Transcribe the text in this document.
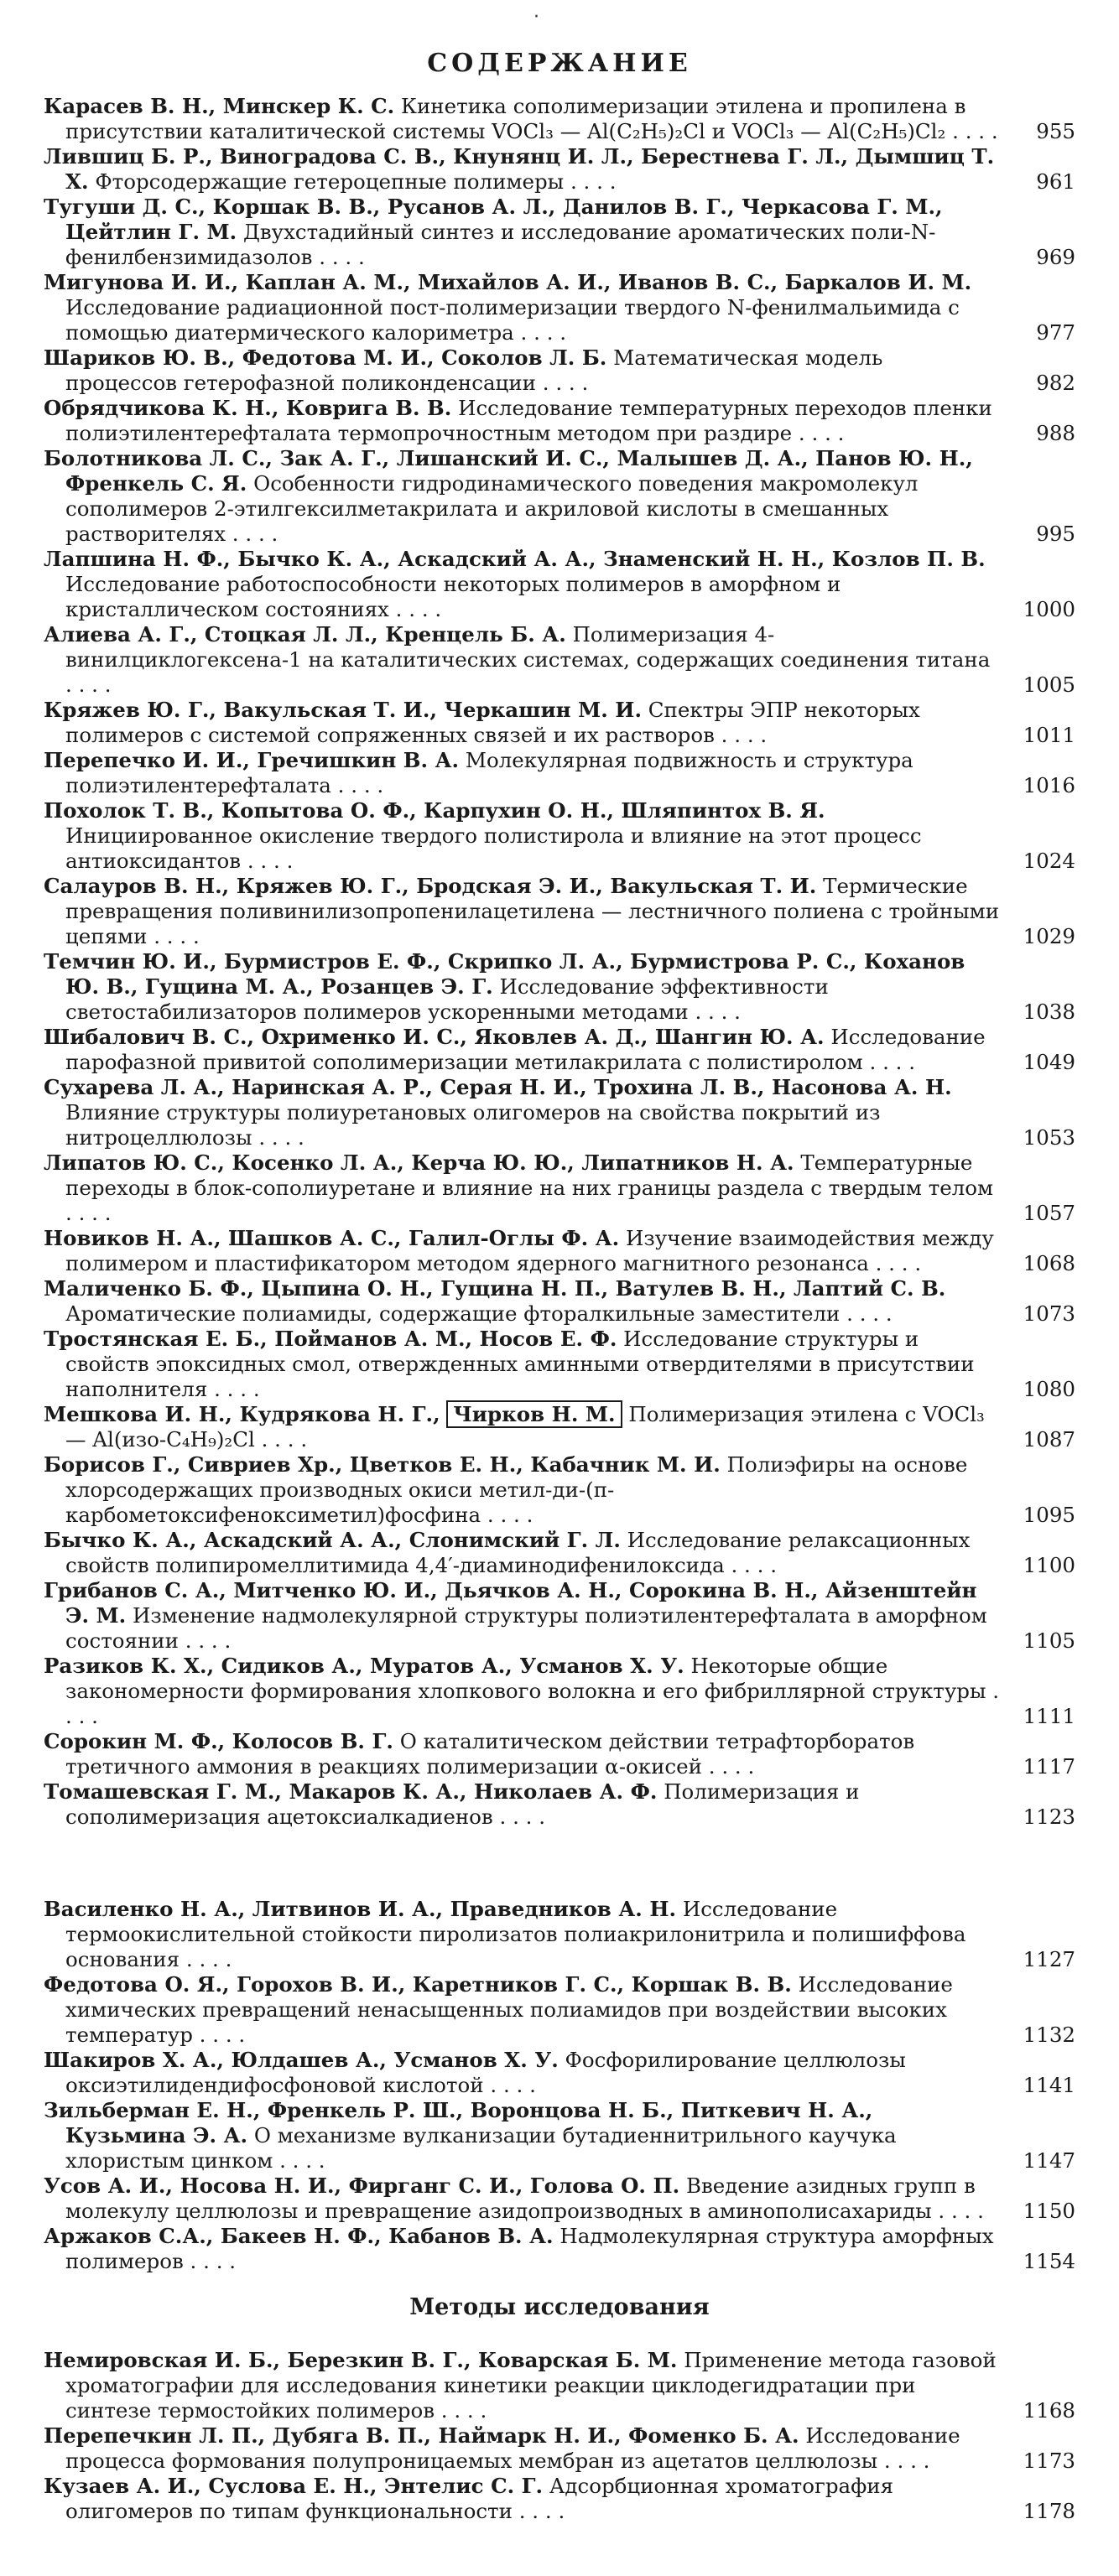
·
СОДЕРЖАНИЕ
Карасев В. Н., Минскер К. С. Кинетика сополимеризации этилена и пропилена в присутствии каталитической системы VOCl₃ — Al(C₂H₅)₂Cl и VOCl₃ — Al(C₂H₅)Cl₂ . . . .	955
Лившиц Б. Р., Виноградова С. В., Кнунянц И. Л., Берестнева Г. Л., Дымшиц Т. Х. Фторсодержащие гетероцепные полимеры . . . .	961
Тугуши Д. С., Коршак В. В., Русанов А. Л., Данилов В. Г., Черкасова Г. М., Цейтлин Г. М. Двухстадийный синтез и исследование ароматических поли-N-фенилбензимидазолов . . . .	969
Мигунова И. И., Каплан А. М., Михайлов А. И., Иванов В. С., Баркалов И. М. Исследование радиационной пост-полимеризации твердого N-фенилмальимида с помощью диатермического калориметра . . . .	977
Шариков Ю. В., Федотова М. И., Соколов Л. Б. Математическая модель процессов гетерофазной поликонденсации . . . .	982
Обрядчикова К. Н., Коврига В. В. Исследование температурных переходов пленки полиэтилентерефталата термопрочностным методом при раздире . . . .	988
Болотникова Л. С., Зак А. Г., Лишанский И. С., Малышев Д. А., Панов Ю. Н., Френкель С. Я. Особенности гидродинамического поведения макромолекул сополимеров 2-этилгексилметакрилата и акриловой кислоты в смешанных растворителях . . . .	995
Лапшина Н. Ф., Бычко К. А., Аскадский А. А., Знаменский Н. Н., Козлов П. В. Исследование работоспособности некоторых полимеров в аморфном и кристаллическом состояниях . . . .	1000
Алиева А. Г., Стоцкая Л. Л., Кренцель Б. А. Полимеризация 4-винилциклогексена-1 на каталитических системах, содержащих соединения титана . . . .	1005
Кряжев Ю. Г., Вакульская Т. И., Черкашин М. И. Спектры ЭПР некоторых полимеров с системой сопряженных связей и их растворов . . . .	1011
Перепечко И. И., Гречишкин В. А. Молекулярная подвижность и структура полиэтилентерефталата . . . .	1016
Похолок Т. В., Копытова О. Ф., Карпухин О. Н., Шляпинтох В. Я. Инициированное окисление твердого полистирола и влияние на этот процесс антиоксидантов . . . .	1024
Салауров В. Н., Кряжев Ю. Г., Бродская Э. И., Вакульская Т. И. Термические превращения поливинилизопропенилацетилена — лестничного полиена с тройными цепями . . . .	1029
Темчин Ю. И., Бурмистров Е. Ф., Скрипко Л. А., Бурмистрова Р. С., Коханов Ю. В., Гущина М. А., Розанцев Э. Г. Исследование эффективности светостабилизаторов полимеров ускоренными методами . . . .	1038
Шибалович В. С., Охрименко И. С., Яковлев А. Д., Шангин Ю. А. Исследование парофазной привитой сополимеризации метилакрилата с полистиролом . . . .	1049
Сухарева Л. А., Наринская А. Р., Серая Н. И., Трохина Л. В., Насонова А. Н. Влияние структуры полиуретановых олигомеров на свойства покрытий из нитроцеллюлозы . . . .	1053
Липатов Ю. С., Косенко Л. А., Керча Ю. Ю., Липатников Н. А. Температурные переходы в блок-сополиуретане и влияние на них границы раздела с твердым телом . . . .	1057
Новиков Н. А., Шашков А. С., Галил-Оглы Ф. А. Изучение взаимодействия между полимером и пластификатором методом ядерного магнитного резонанса . . . .	1068
Маличенко Б. Ф., Цыпина О. Н., Гущина Н. П., Ватулев В. Н., Лаптий С. В. Ароматические полиамиды, содержащие фторалкильные заместители . . . .	1073
Тростянская Е. Б., Пойманов А. М., Носов Е. Ф. Исследование структуры и свойств эпоксидных смол, отвержденных аминными отвердителями в присутствии наполнителя . . . .	1080
Мешкова И. Н., Кудрякова Н. Г., Чирков Н. М. Полимеризация этилена с VOCl₃ — Al(изо-C₄H₉)₂Cl . . . .	1087
Борисов Г., Сивриев Хр., Цветков Е. Н., Кабачник М. И. Полиэфиры на основе хлорсодержащих производных окиси метил-ди-(п-карбометоксифеноксиметил)фосфина . . . .	1095
Бычко К. А., Аскадский А. А., Слонимский Г. Л. Исследование релаксационных свойств полипиромеллитимида 4,4′-диаминодифенилоксида . . . .	1100
Грибанов С. А., Митченко Ю. И., Дьячков А. Н., Сорокина В. Н., Айзенштейн Э. М. Изменение надмолекулярной структуры полиэтилентерефталата в аморфном состоянии . . . .	1105
Разиков К. Х., Сидиков А., Муратов А., Усманов Х. У. Некоторые общие закономерности формирования хлопкового волокна и его фибриллярной структуры . . . .	1111
Сорокин М. Ф., Колосов В. Г. О каталитическом действии тетрафторборатов третичного аммония в реакциях полимеризации α-окисей . . . .	1117
Томашевская Г. М., Макаров К. А., Николаев А. Ф. Полимеризация и сополимеризация ацетоксиалкадиенов . . . .	1123
Василенко Н. А., Литвинов И. А., Праведников А. Н. Исследование термоокислительной стойкости пиролизатов полиакрилонитрила и полишиффова основания . . . .	1127
Федотова О. Я., Горохов В. И., Каретников Г. С., Коршак В. В. Исследование химических превращений ненасыщенных полиамидов при воздействии высоких температур . . . .	1132
Шакиров Х. А., Юлдашев А., Усманов Х. У. Фосфорилирование целлюлозы оксиэтилидендифосфоновой кислотой . . . .	1141
Зильберман Е. Н., Френкель Р. Ш., Воронцова Н. Б., Питкевич Н. А., Кузьмина Э. А. О механизме вулканизации бутадиеннитрильного каучука хлористым цинком . . . .	1147
Усов А. И., Носова Н. И., Фирганг С. И., Голова О. П. Введение азидных групп в молекулу целлюлозы и превращение азидопроизводных в аминополисахариды . . . .	1150
Аржаков С.А., Бакеев Н. Ф., Кабанов В. А. Надмолекулярная структура аморфных полимеров . . . .	1154
Методы исследования
Немировская И. Б., Березкин В. Г., Коварская Б. М. Применение метода газовой хроматографии для исследования кинетики реакции циклодегидратации при синтезе термостойких полимеров . . . .	1168
Перепечкин Л. П., Дубяга В. П., Наймарк Н. И., Фоменко Б. А. Исследование процесса формования полупроницаемых мембран из ацетатов целлюлозы . . . .	1173
Кузаев А. И., Суслова Е. Н., Энтелис С. Г. Адсорбционная хроматография олигомеров по типам функциональности . . . .	1178
